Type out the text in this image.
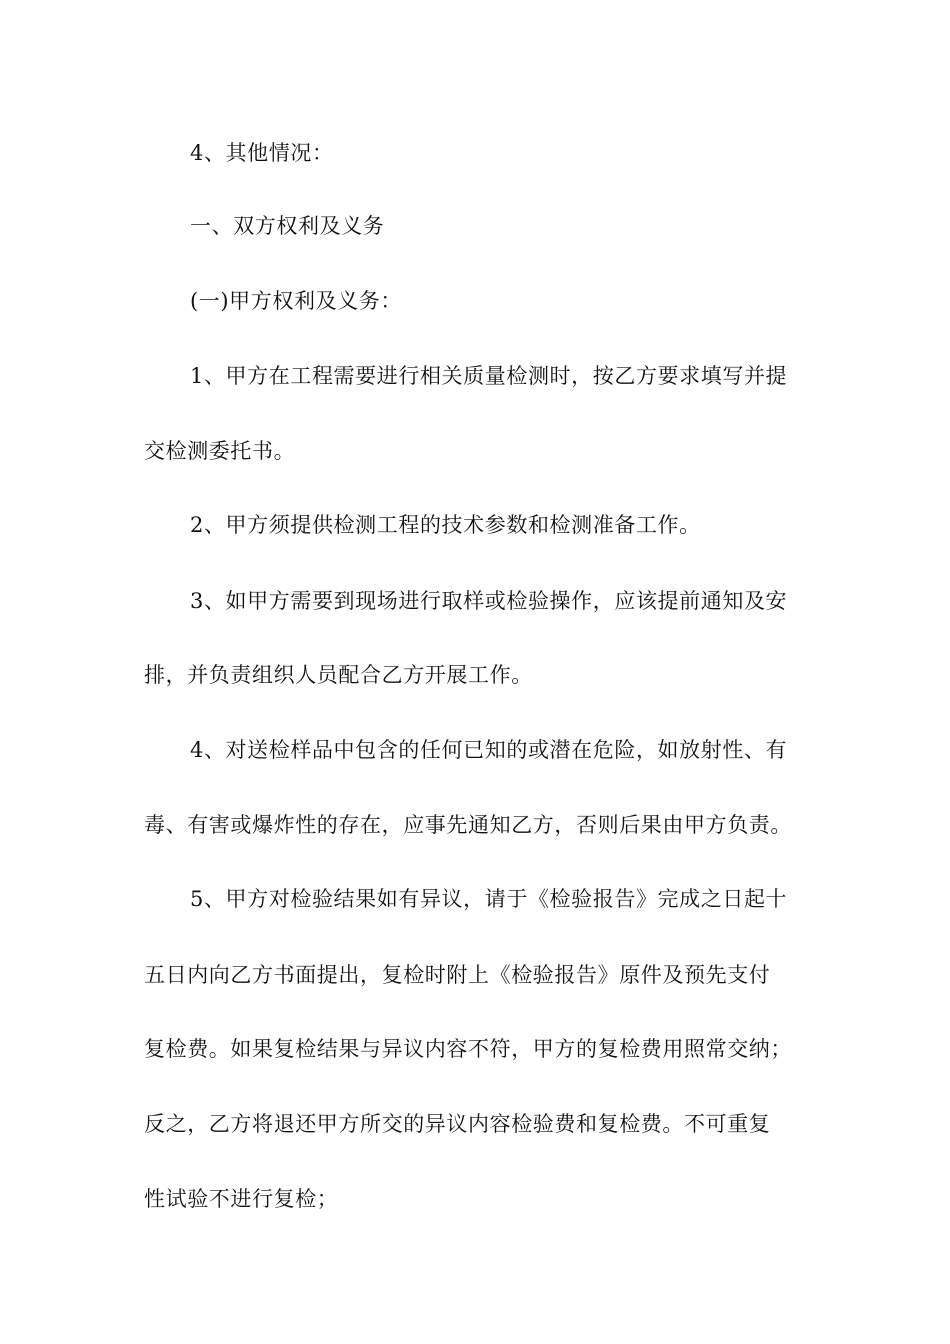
4、其他情况：
一、双方权利及义务
(一)甲方权利及义务：
1、甲方在工程需要进行相关质量检测时，按乙方要求填写并提
交检测委托书。
2、甲方须提供检测工程的技术参数和检测准备工作。
3、如甲方需要到现场进行取样或检验操作，应该提前通知及安
排，并负责组织人员配合乙方开展工作。
4、对送检样品中包含的任何已知的或潜在危险，如放射性、有
毒、有害或爆炸性的存在，应事先通知乙方，否则后果由甲方负责。
5、甲方对检验结果如有异议，请于《检验报告》完成之日起十
五日内向乙方书面提出，复检时附上《检验报告》原件及预先支付
复检费。如果复检结果与异议内容不符，甲方的复检费用照常交纳；
反之，乙方将退还甲方所交的异议内容检验费和复检费。不可重复
性试验不进行复检；
